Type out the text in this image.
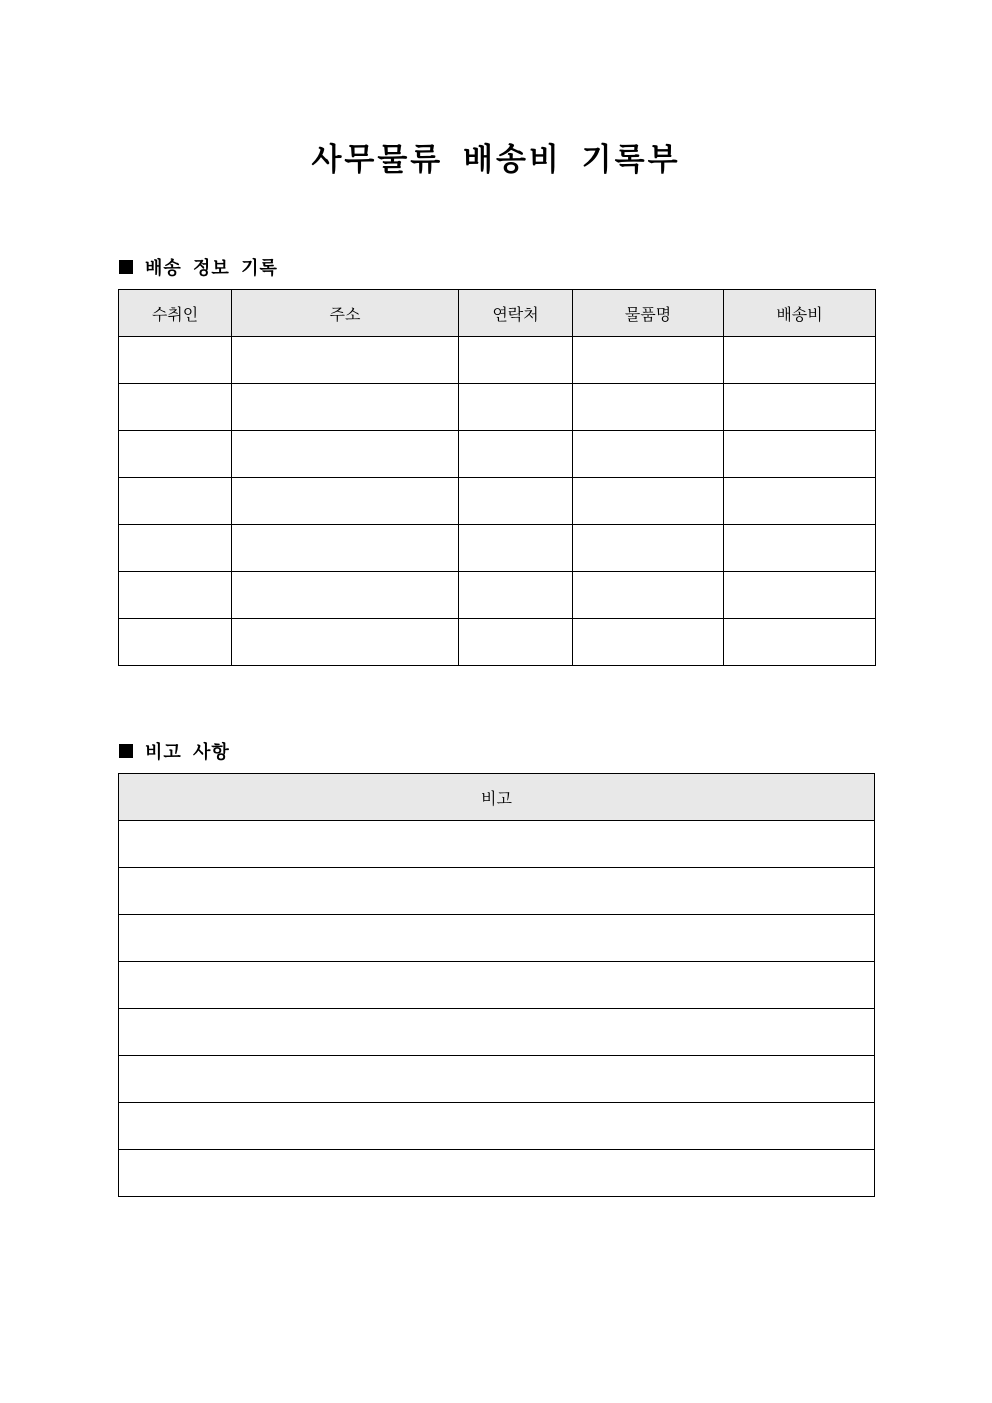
사무물류 배송비 기록부
배송 정보 기록
수취인	주소	연락처	물품명	배송비

비고 사항
비고
